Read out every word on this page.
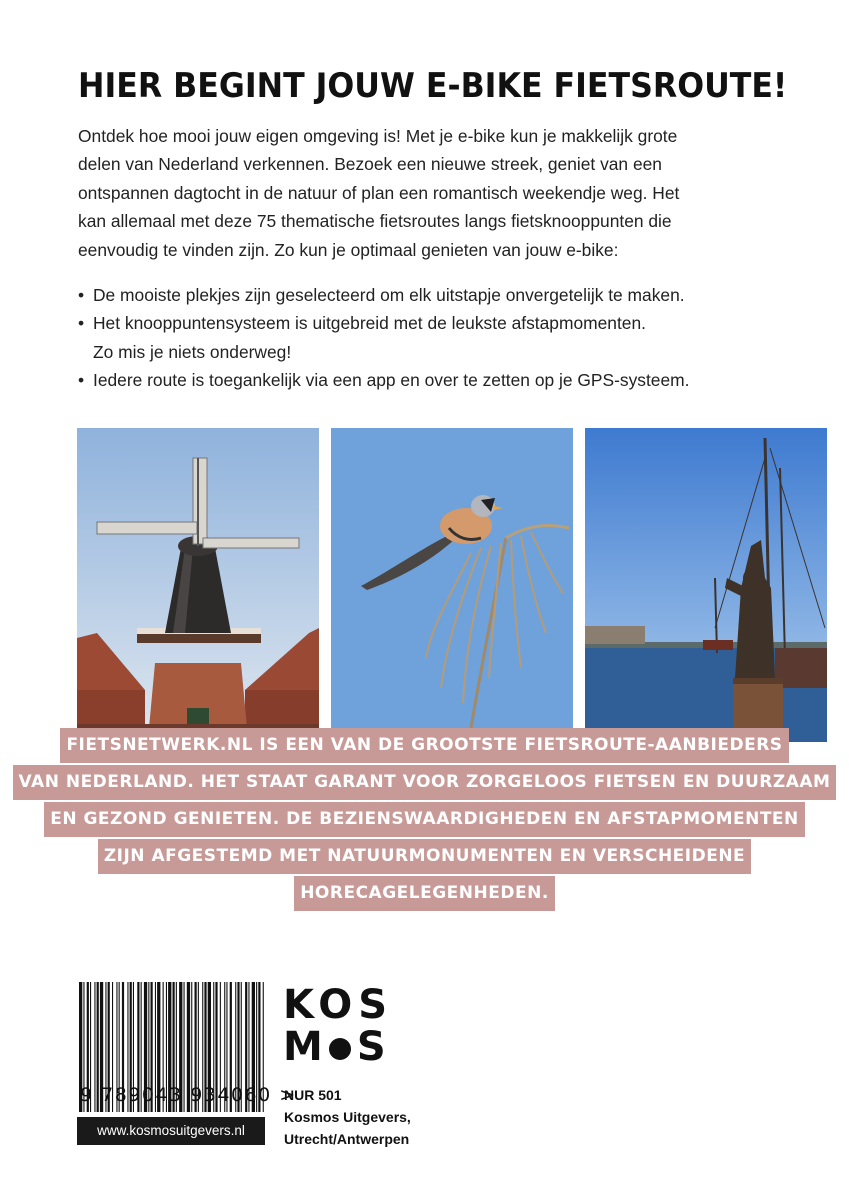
HIER BEGINT JOUW E-BIKE FIETSROUTE!

Ontdek hoe mooi jouw eigen omgeving is! Met je e-bike kun je makkelijk grote
delen van Nederland verkennen. Bezoek een nieuwe streek, geniet van een
ontspannen dagtocht in de natuur of plan een romantisch weekendje weg. Het
kan allemaal met deze 75 thematische fietsroutes langs fietsknooppunten die
eenvoudig te vinden zijn. Zo kun je optimaal genieten van jouw e-bike:

• De mooiste plekjes zijn geselecteerd om elk uitstapje onvergetelijk te maken.
• Het knooppuntensysteem is uitgebreid met de leukste afstapmomenten.
Zo mis je niets onderweg!
• Iedere route is toegankelijk via een app en over te zetten op je GPS-systeem.
FIETSNETWERK.NL IS EEN VAN DE GROOTSTE FIETSROUTE-AANBIEDERS
VAN NEDERLAND. HET STAAT GARANT VOOR ZORGELOOS FIETSEN EN DUURZAAM
EN GEZOND GENIETEN. DE BEZIENSWAARDIGHEDEN EN AFSTAPMOMENTEN
ZIJN AFGESTEMD MET NATUURMONUMENTEN EN VERSCHEIDENE
HORECAGELEGENHEDEN.
9 789043 934060 >
www.kosmosuitgevers.nl
KOS
M S
NUR 501
Kosmos Uitgevers,
Utrecht/Antwerpen
